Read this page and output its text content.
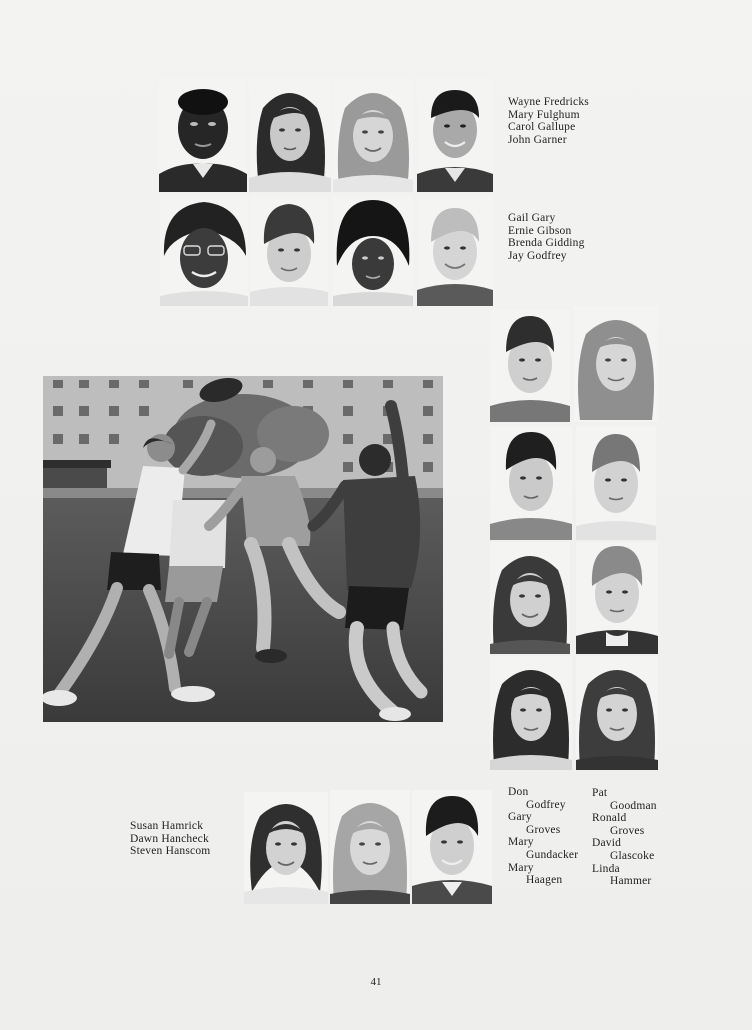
Wayne Fredricks
Mary Fulghum
Carol Gallupe
John Garner
Gail Gary
Ernie Gibson
Brenda Gidding
Jay Godfrey
Susan Hamrick
Dawn Hancheck
Steven Hanscom
Don
Godfrey
Gary
Groves
Mary
Gundacker
Mary
Haagen
Pat
Goodman
Ronald
Groves
David
Glascoke
Linda
Hammer
41
